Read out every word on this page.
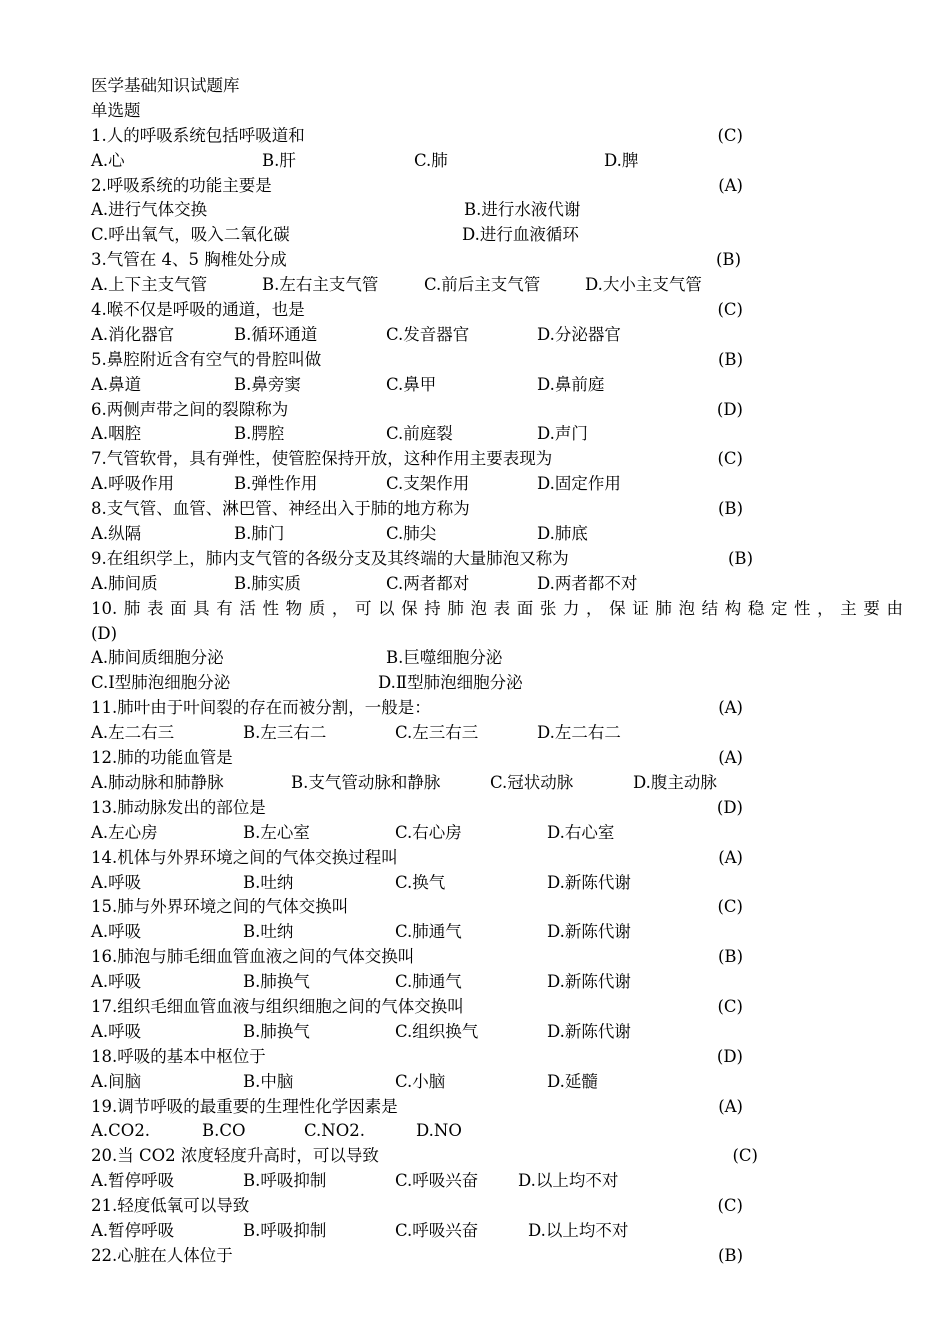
医学基础知识试题库
单选题
1.人的呼吸系统包括呼吸道和	(C)
A.心	B.肝	C.肺	D.脾
2.呼吸系统的功能主要是	(A)
A.进行气体交换	B.进行水液代谢
C.呼出氧气，吸入二氧化碳	D.进行血液循环
3.气管在 4、5 胸椎处分成	(B)
A.上下主支气管	B.左右主支气管	C.前后主支气管	D.大小主支气管
4.喉不仅是呼吸的通道，也是	(C)
A.消化器官	B.循环通道	C.发音器官	D.分泌器官
5.鼻腔附近含有空气的骨腔叫做	(B)
A.鼻道	B.鼻旁窦	C.鼻甲	D.鼻前庭
6.两侧声带之间的裂隙称为	(D)
A.咽腔	B.腭腔	C.前庭裂	D.声门
7.气管软骨，具有弹性，使管腔保持开放，这种作用主要表现为	(C)
A.呼吸作用	B.弹性作用	C.支架作用	D.固定作用
8.支气管、血管、淋巴管、神经出入于肺的地方称为	(B)
A.纵隔	B.肺门	C.肺尖	D.肺底
9.在组织学上，肺内支气管的各级分支及其终端的大量肺泡又称为	(B)
A.肺间质	B.肺实质	C.两者都对	D.两者都不对
10.肺表面具有活性物质，可以保持肺泡表面张力，保证肺泡结构稳定性，主要由
(D)
A.肺间质细胞分泌	B.巨噬细胞分泌
C.Ⅰ型肺泡细胞分泌	D.Ⅱ型肺泡细胞分泌
11.肺叶由于叶间裂的存在而被分割，一般是：	(A)
A.左二右三	B.左三右二	C.左三右三	D.左二右二
12.肺的功能血管是	(A)
A.肺动脉和肺静脉	B.支气管动脉和静脉	C.冠状动脉	D.腹主动脉
13.肺动脉发出的部位是	(D)
A.左心房	B.左心室	C.右心房	D.右心室
14.机体与外界环境之间的气体交换过程叫	(A)
A.呼吸	B.吐纳	C.换气	D.新陈代谢
15.肺与外界环境之间的气体交换叫	(C)
A.呼吸	B.吐纳	C.肺通气	D.新陈代谢
16.肺泡与肺毛细血管血液之间的气体交换叫	(B)
A.呼吸	B.肺换气	C.肺通气	D.新陈代谢
17.组织毛细血管血液与组织细胞之间的气体交换叫	(C)
A.呼吸	B.肺换气	C.组织换气	D.新陈代谢
18.呼吸的基本中枢位于	(D)
A.间脑	B.中脑	C.小脑	D.延髓
19.调节呼吸的最重要的生理性化学因素是	(A)
A.CO2.	B.CO	C.NO2.	D.NO
20.当 CO2 浓度轻度升高时，可以导致	(C)
A.暂停呼吸	B.呼吸抑制	C.呼吸兴奋 D.以上均不对
21.轻度低氧可以导致	(C)
A.暂停呼吸	B.呼吸抑制	C.呼吸兴奋	D.以上均不对
22.心脏在人体位于	(B)
